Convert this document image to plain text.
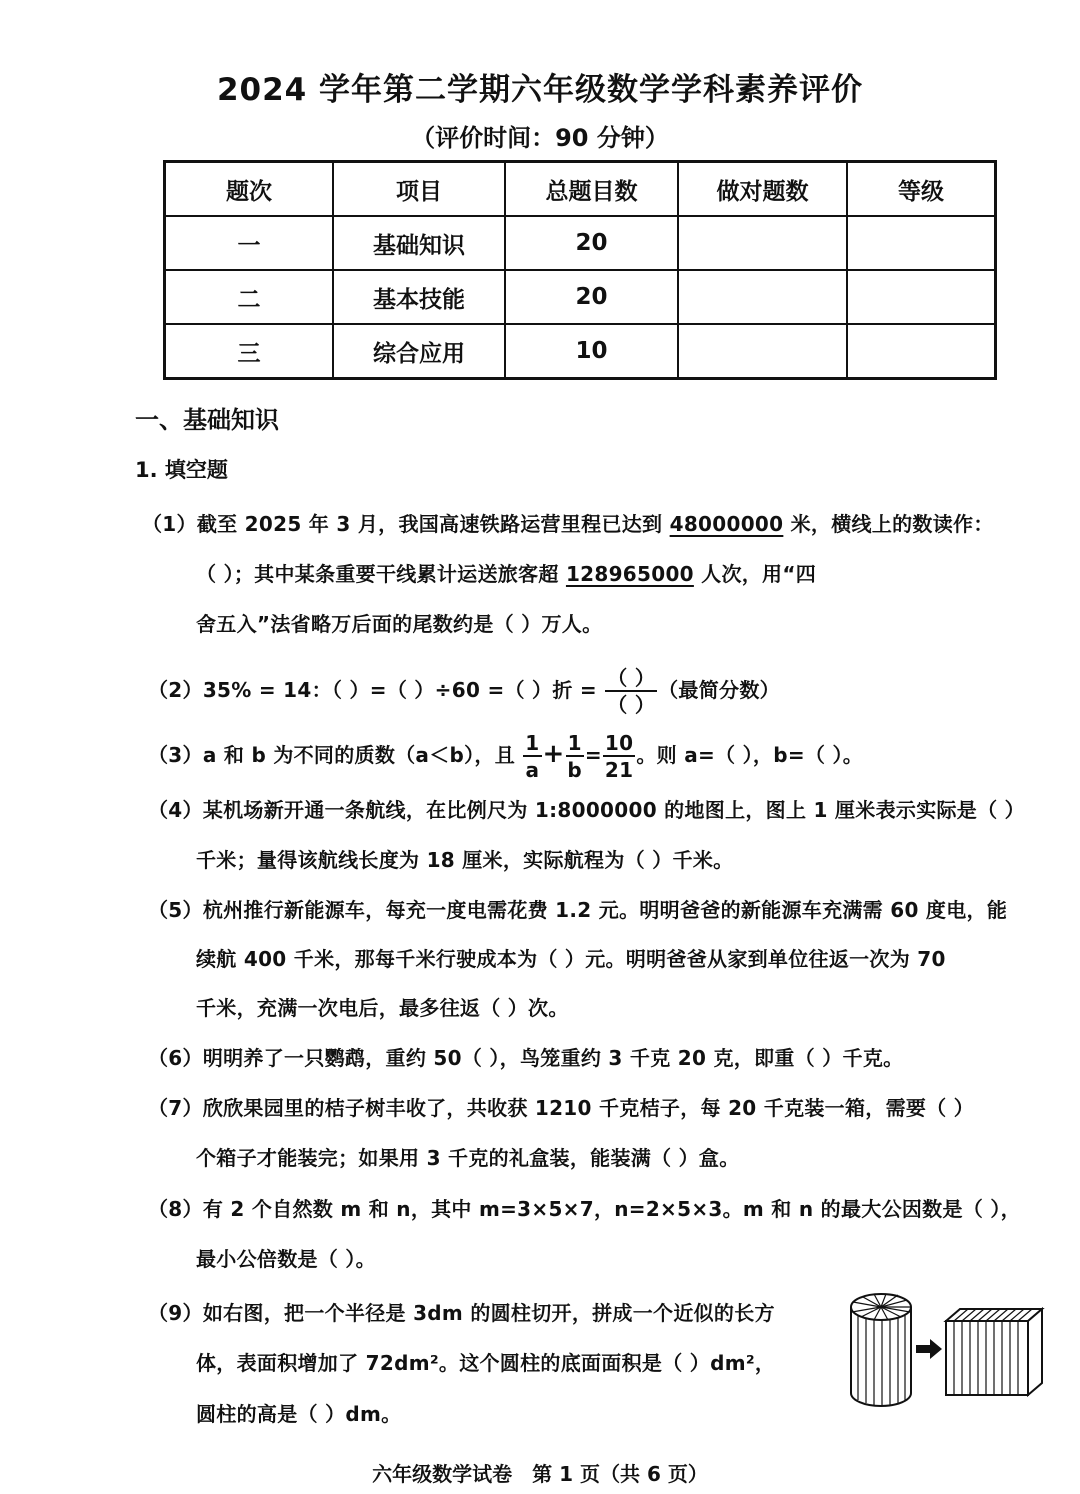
2024 学年第二学期六年级数学学科素养评价
（评价时间：90 分钟）
题次	项目	总题目数	做对题数	等级
一	基础知识	20		
二	基本技能	20		
三	综合应用	10		
一、基础知识
1. 填空题
（1）截至 2025 年 3 月，我国高速铁路运营里程已达到 48000000 米，横线上的数读作：
（ ）；其中某条重要干线累计运送旅客超 128965000 人次，用“四
舍五入”法省略万后面的尾数约是（ ）万人。
（2）35% = 14：（ ）=（ ）÷60 =（ ）折 = $\frac{( )}{( )}$ （最简分数）
（3）a 和 b 为不同的质数（a＜b），且 $\frac{1}{a} + \frac{1}{b} = \frac{10}{21}$ 。则 a=（ ），b=（ ）。
（4）某机场新开通一条航线，在比例尺为 1:8000000 的地图上，图上 1 厘米表示实际是（ ）
千米；量得该航线长度为 18 厘米，实际航程为（ ）千米。
（5）杭州推行新能源车，每充一度电需花费 1.2 元。明明爸爸的新能源车充满需 60 度电，能
续航 400 千米，那每千米行驶成本为（ ）元。明明爸爸从家到单位往返一次为 70
千米，充满一次电后，最多往返（ ）次。
（6）明明养了一只鹦鹉，重约 50（ ），鸟笼重约 3 千克 20 克，即重（ ）千克。
（7）欣欣果园里的桔子树丰收了，共收获 1210 千克桔子，每 20 千克装一箱，需要（ ）
个箱子才能装完；如果用 3 千克的礼盒装，能装满（ ）盒。
（8）有 2 个自然数 m 和 n，其中 m=3×5×7，n=2×5×3。m 和 n 的最大公因数是（ ），
最小公倍数是（ ）。
（9）如右图，把一个半径是 3dm 的圆柱切开，拼成一个近似的长方
体，表面积增加了 72dm²。这个圆柱的底面面积是（ ）dm²，
圆柱的高是（ ）dm。
六年级数学试卷　第 1 页（共 6 页）
